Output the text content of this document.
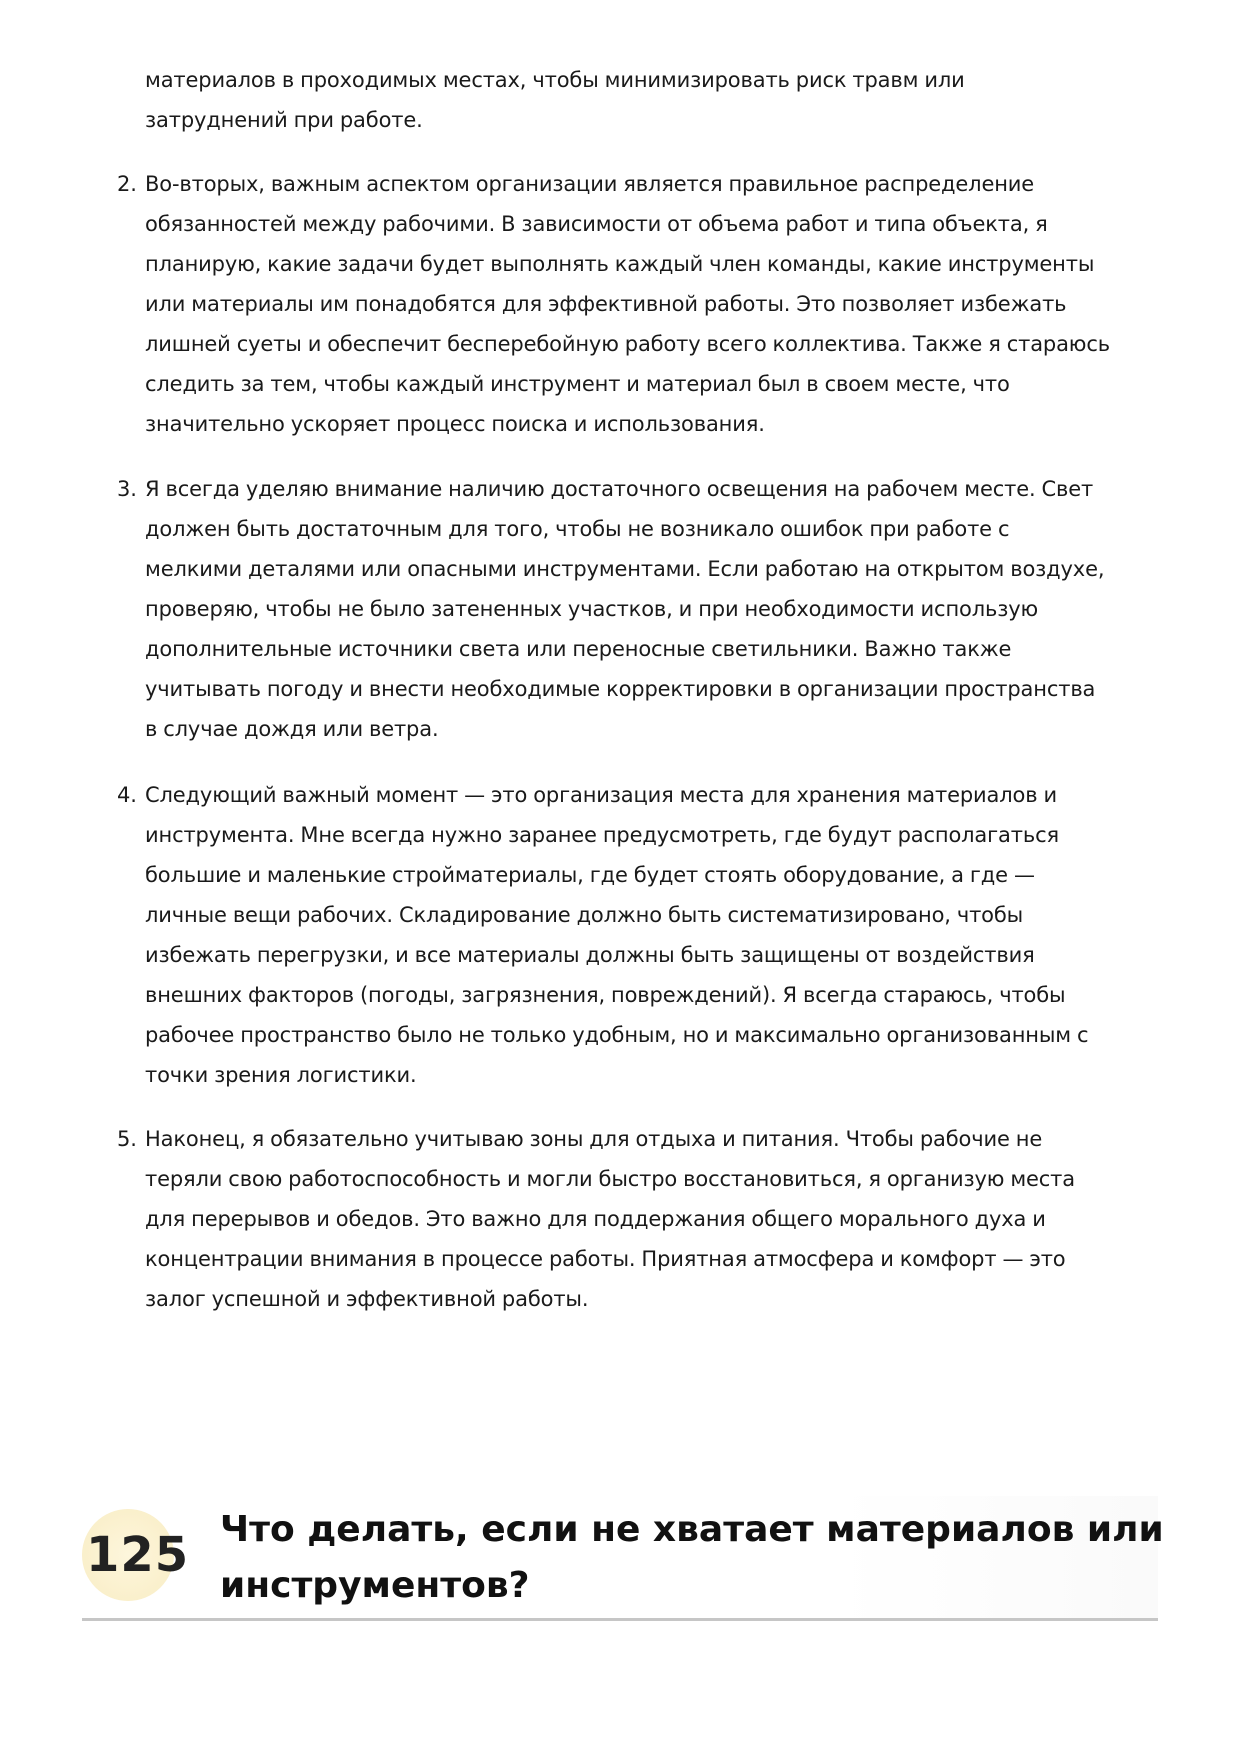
материалов в проходимых местах, чтобы минимизировать риск травм или
затруднений при работе.
2. Во-вторых, важным аспектом организации является правильное распределение
обязанностей между рабочими. В зависимости от объема работ и типа объекта, я
планирую, какие задачи будет выполнять каждый член команды, какие инструменты
или материалы им понадобятся для эффективной работы. Это позволяет избежать
лишней суеты и обеспечит бесперебойную работу всего коллектива. Также я стараюсь
следить за тем, чтобы каждый инструмент и материал был в своем месте, что
значительно ускоряет процесс поиска и использования.
3. Я всегда уделяю внимание наличию достаточного освещения на рабочем месте. Свет
должен быть достаточным для того, чтобы не возникало ошибок при работе с
мелкими деталями или опасными инструментами. Если работаю на открытом воздухе,
проверяю, чтобы не было затененных участков, и при необходимости использую
дополнительные источники света или переносные светильники. Важно также
учитывать погоду и внести необходимые корректировки в организации пространства
в случае дождя или ветра.
4. Следующий важный момент — это организация места для хранения материалов и
инструмента. Мне всегда нужно заранее предусмотреть, где будут располагаться
большие и маленькие стройматериалы, где будет стоять оборудование, а где —
личные вещи рабочих. Складирование должно быть систематизировано, чтобы
избежать перегрузки, и все материалы должны быть защищены от воздействия
внешних факторов (погоды, загрязнения, повреждений). Я всегда стараюсь, чтобы
рабочее пространство было не только удобным, но и максимально организованным с
точки зрения логистики.
5. Наконец, я обязательно учитываю зоны для отдыха и питания. Чтобы рабочие не
теряли свою работоспособность и могли быстро восстановиться, я организую места
для перерывов и обедов. Это важно для поддержания общего морального духа и
концентрации внимания в процессе работы. Приятная атмосфера и комфорт — это
залог успешной и эффективной работы.
125 Что делать, если не хватает материалов или
инструментов?
